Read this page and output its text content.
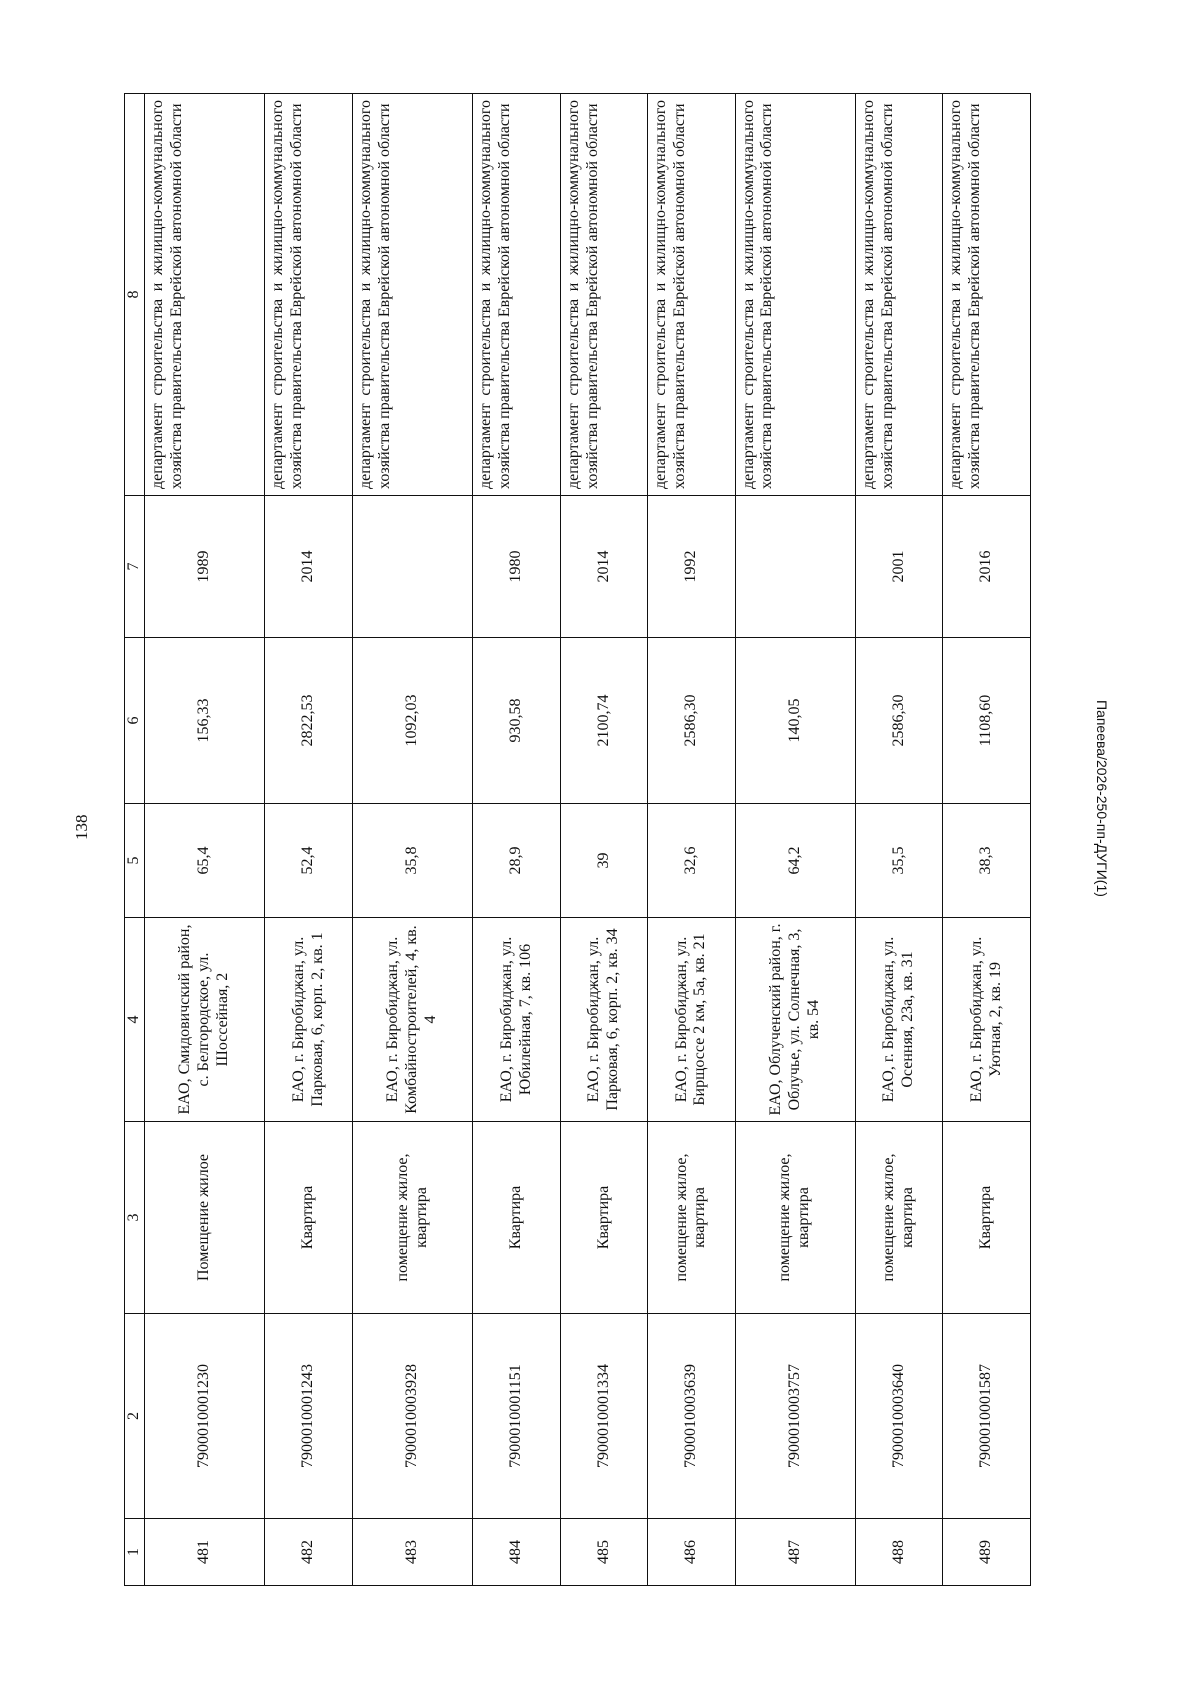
138	Папеева/2026-250-пп-ДУГИ(1)
1	2	3	4	5	6	7	8
481	7900010001230	Помещение жилое	ЕАО, Смидовичский район, с. Белгородское, ул. Шоссейная, 2	65,4	156,33	1989	департамент строительства и жилищно-коммунального хозяйства правительства Еврейской автономной области
482	7900010001243	Квартира	ЕАО, г. Биробиджан, ул. Парковая, 6, корп. 2, кв. 1	52,4	2822,53	2014	департамент строительства и жилищно-коммунального хозяйства правительства Еврейской автономной области
483	7900010003928	помещение жилое, квартира	ЕАО, г. Биробиджан, ул. Комбайностроителей, 4, кв. 4	35,8	1092,03		департамент строительства и жилищно-коммунального хозяйства правительства Еврейской автономной области
484	7900010001151	Квартира	ЕАО, г. Биробиджан, ул. Юбилейная, 7, кв. 106	28,9	930,58	1980	департамент строительства и жилищно-коммунального хозяйства правительства Еврейской автономной области
485	7900010001334	Квартира	ЕАО, г. Биробиджан, ул. Парковая, 6, корп. 2, кв. 34	39	2100,74	2014	департамент строительства и жилищно-коммунального хозяйства правительства Еврейской автономной области
486	7900010003639	помещение жилое, квартира	ЕАО, г. Биробиджан, ул. Бирщоссе 2 км, 5а, кв. 21	32,6	2586,30	1992	департамент строительства и жилищно-коммунального хозяйства правительства Еврейской автономной области
487	7900010003757	помещение жилое, квартира	ЕАО, Облученский район, г. Облучье, ул. Солнечная, 3, кв. 54	64,2	140,05		департамент строительства и жилищно-коммунального хозяйства правительства Еврейской автономной области
488	7900010003640	помещение жилое, квартира	ЕАО, г. Биробиджан, ул. Осенняя, 23а, кв. 31	35,5	2586,30	2001	департамент строительства и жилищно-коммунального хозяйства правительства Еврейской автономной области
489	7900010001587	Квартира	ЕАО, г. Биробиджан, ул. Уютная, 2, кв. 19	38,3	1108,60	2016	департамент строительства и жилищно-коммунального хозяйства правительства Еврейской автономной области
